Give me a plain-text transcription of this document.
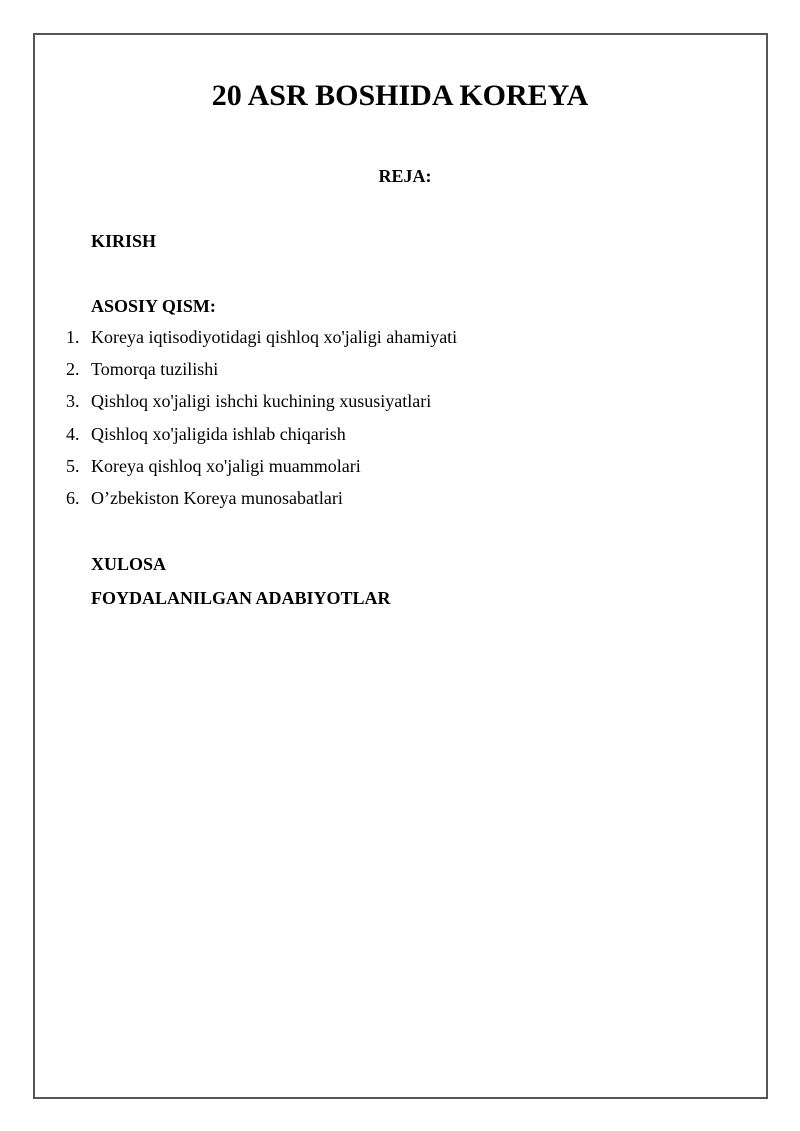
20 ASR BOSHIDA KOREYA
REJA:
KIRISH
ASOSIY QISM:
1. Koreya iqtisodiyotidagi qishloq xo'jaligi ahamiyati
2. Tomorqa tuzilishi
3. Qishloq xo'jaligi ishchi kuchining xususiyatlari
4. Qishloq xo'jaligida ishlab chiqarish
5. Koreya qishloq xo'jaligi muammolari
6. O’zbekiston Koreya munosabatlari
XULOSA
FOYDALANILGAN ADABIYOTLAR
